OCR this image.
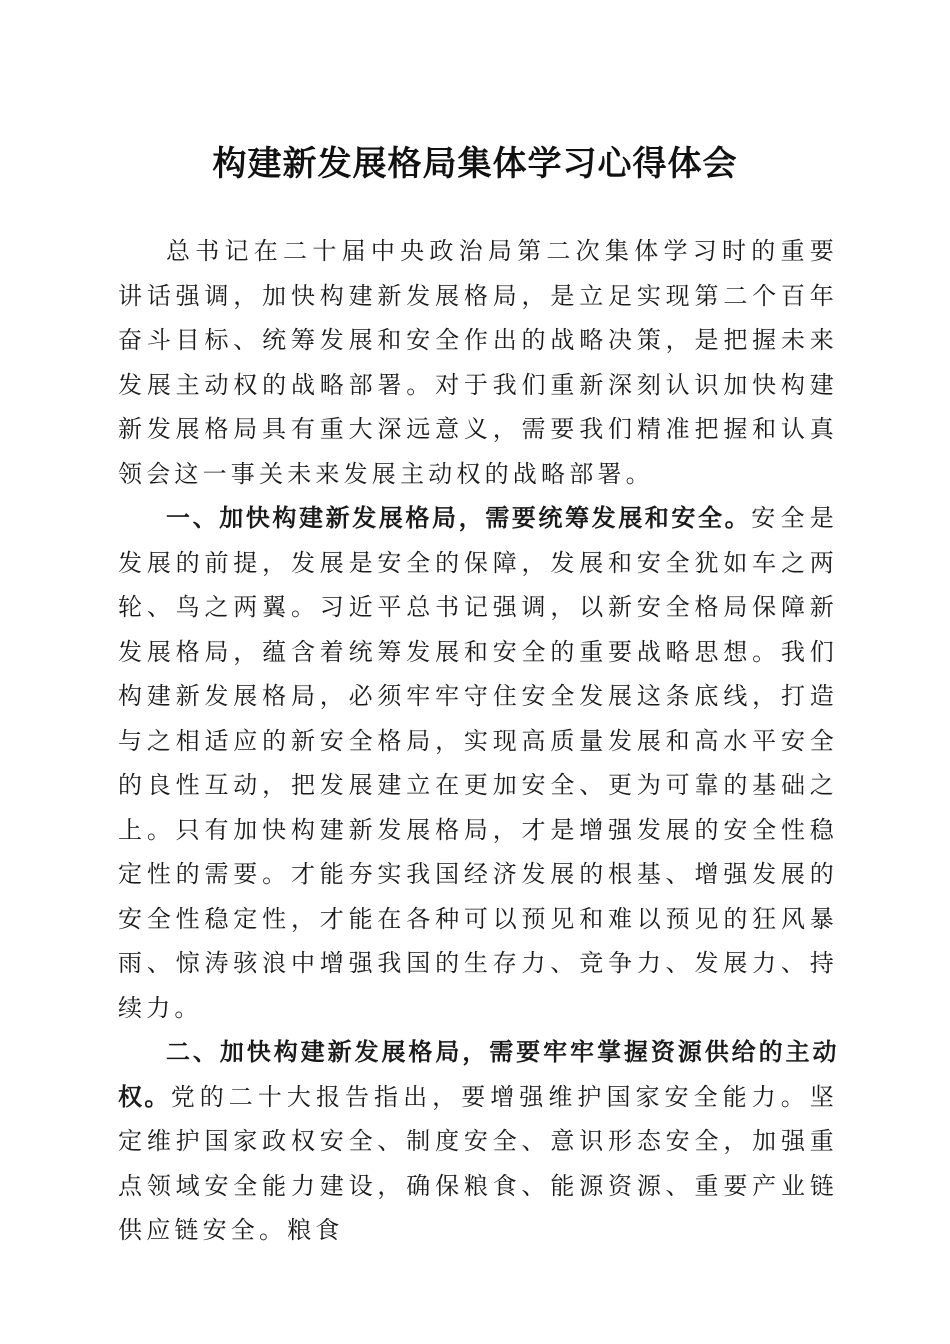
构建新发展格局集体学习心得体会

总书记在二十届中央政治局第二次集体学习时的重要讲话强调，加快构建新发展格局，是立足实现第二个百年奋斗目标、统筹发展和安全作出的战略决策，是把握未来发展主动权的战略部署。对于我们重新深刻认识加快构建新发展格局具有重大深远意义，需要我们精准把握和认真领会这一事关未来发展主动权的战略部署。

一、加快构建新发展格局，需要统筹发展和安全。安全是发展的前提，发展是安全的保障，发展和安全犹如车之两轮、鸟之两翼。习近平总书记强调，以新安全格局保障新发展格局，蕴含着统筹发展和安全的重要战略思想。我们构建新发展格局，必须牢牢守住安全发展这条底线，打造与之相适应的新安全格局，实现高质量发展和高水平安全的良性互动，把发展建立在更加安全、更为可靠的基础之上。只有加快构建新发展格局，才是增强发展的安全性稳定性的需要。才能夯实我国经济发展的根基、增强发展的安全性稳定性，才能在各种可以预见和难以预见的狂风暴雨、惊涛骇浪中增强我国的生存力、竞争力、发展力、持续力。

二、加快构建新发展格局，需要牢牢掌握资源供给的主动权。党的二十大报告指出，要增强维护国家安全能力。坚定维护国家政权安全、制度安全、意识形态安全，加强重点领域安全能力建设，确保粮食、能源资源、重要产业链供应链安全。粮食
